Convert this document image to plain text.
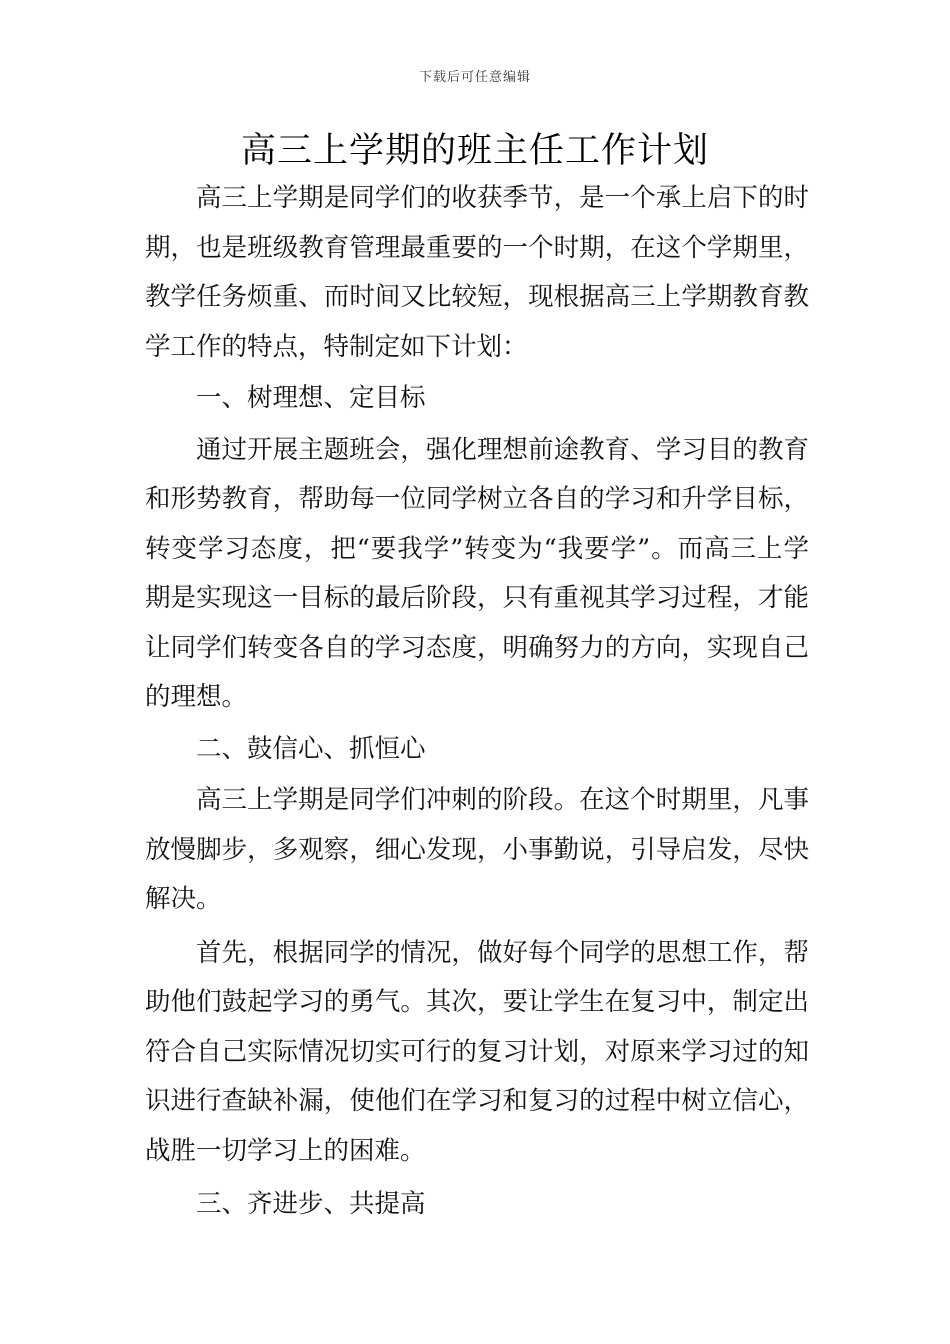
下载后可任意编辑
高三上学期的班主任工作计划

高三上学期是同学们的收获季节，是一个承上启下的时期，也是班级教育管理最重要的一个时期，在这个学期里，教学任务烦重、而时间又比较短，现根据高三上学期教育教学工作的特点，特制定如下计划：

一、树理想、定目标

通过开展主题班会，强化理想前途教育、学习目的教育和形势教育，帮助每一位同学树立各自的学习和升学目标，转变学习态度，把“要我学”转变为“我要学”。而高三上学期是实现这一目标的最后阶段，只有重视其学习过程，才能让同学们转变各自的学习态度，明确努力的方向，实现自己的理想。

二、鼓信心、抓恒心

高三上学期是同学们冲刺的阶段。在这个时期里，凡事放慢脚步，多观察，细心发现，小事勤说，引导启发，尽快解决。

首先，根据同学的情况，做好每个同学的思想工作，帮助他们鼓起学习的勇气。其次，要让学生在复习中，制定出符合自己实际情况切实可行的复习计划，对原来学习过的知识进行查缺补漏，使他们在学习和复习的过程中树立信心，战胜一切学习上的困难。

三、齐进步、共提高
